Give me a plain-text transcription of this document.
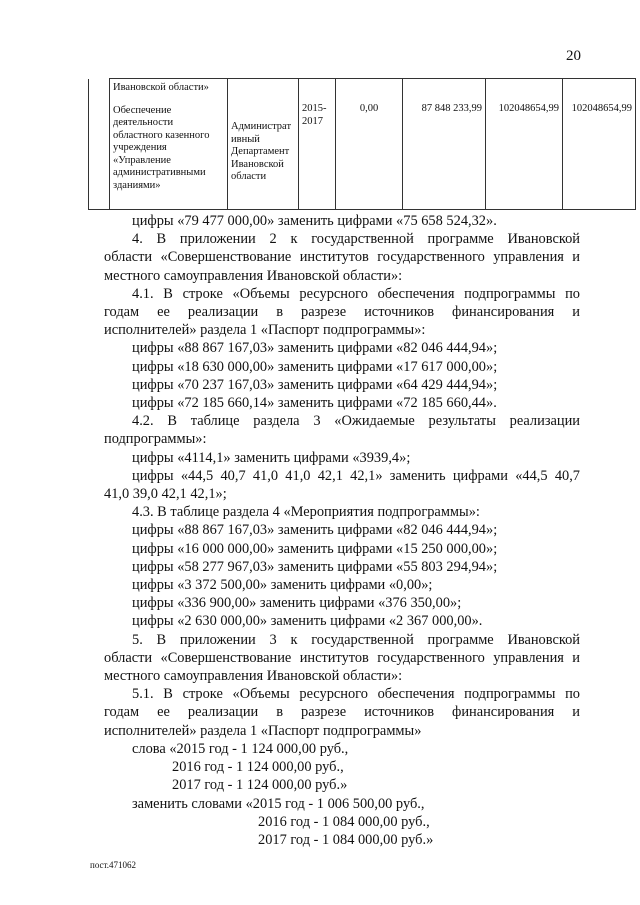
20

Ивановской области»
Обеспечение деятельности областного казенного учреждения «Управление административными зданиями»	Администрат ивный Департамент Ивановской области	2015-2017	0,00	87 848 233,99	102048654,99	102048654,99
цифры «79 477 000,00» заменить цифрами «75 658 524,32».
4. В приложении 2 к государственной программе Ивановской
области «Совершенствование институтов государственного управления и
местного самоуправления Ивановской области»:
4.1. В строке «Объемы ресурсного обеспечения подпрограммы по
годам ее реализации в разрезе источников финансирования и
исполнителей» раздела 1 «Паспорт подпрограммы»:
цифры «88 867 167,03» заменить цифрами «82 046 444,94»;
цифры «18 630 000,00» заменить цифрами «17 617 000,00»;
цифры «70 237 167,03» заменить цифрами «64 429 444,94»;
цифры «72 185 660,14» заменить цифрами «72 185 660,44».
4.2. В таблице раздела 3 «Ожидаемые результаты реализации
подпрограммы»:
цифры «4114,1» заменить цифрами «3939,4»;
цифры «44,5 40,7 41,0 41,0 42,1 42,1» заменить цифрами «44,5 40,7
41,0 39,0 42,1 42,1»;
4.3. В таблице раздела 4 «Мероприятия подпрограммы»:
цифры «88 867 167,03» заменить цифрами «82 046 444,94»;
цифры «16 000 000,00» заменить цифрами «15 250 000,00»;
цифры «58 277 967,03» заменить цифрами «55 803 294,94»;
цифры «3 372 500,00» заменить цифрами «0,00»;
цифры «336 900,00» заменить цифрами «376 350,00»;
цифры «2 630 000,00» заменить цифрами «2 367 000,00».
5. В приложении 3 к государственной программе Ивановской
области «Совершенствование институтов государственного управления и
местного самоуправления Ивановской области»:
5.1. В строке «Объемы ресурсного обеспечения подпрограммы по
годам ее реализации в разрезе источников финансирования и
исполнителей» раздела 1 «Паспорт подпрограммы»
слова «2015 год - 1 124 000,00 руб.,
2016 год - 1 124 000,00 руб.,
2017 год - 1 124 000,00 руб.»
заменить словами «2015 год - 1 006 500,00 руб.,
2016 год - 1 084 000,00 руб.,
2017 год - 1 084 000,00 руб.»
пост.471062
